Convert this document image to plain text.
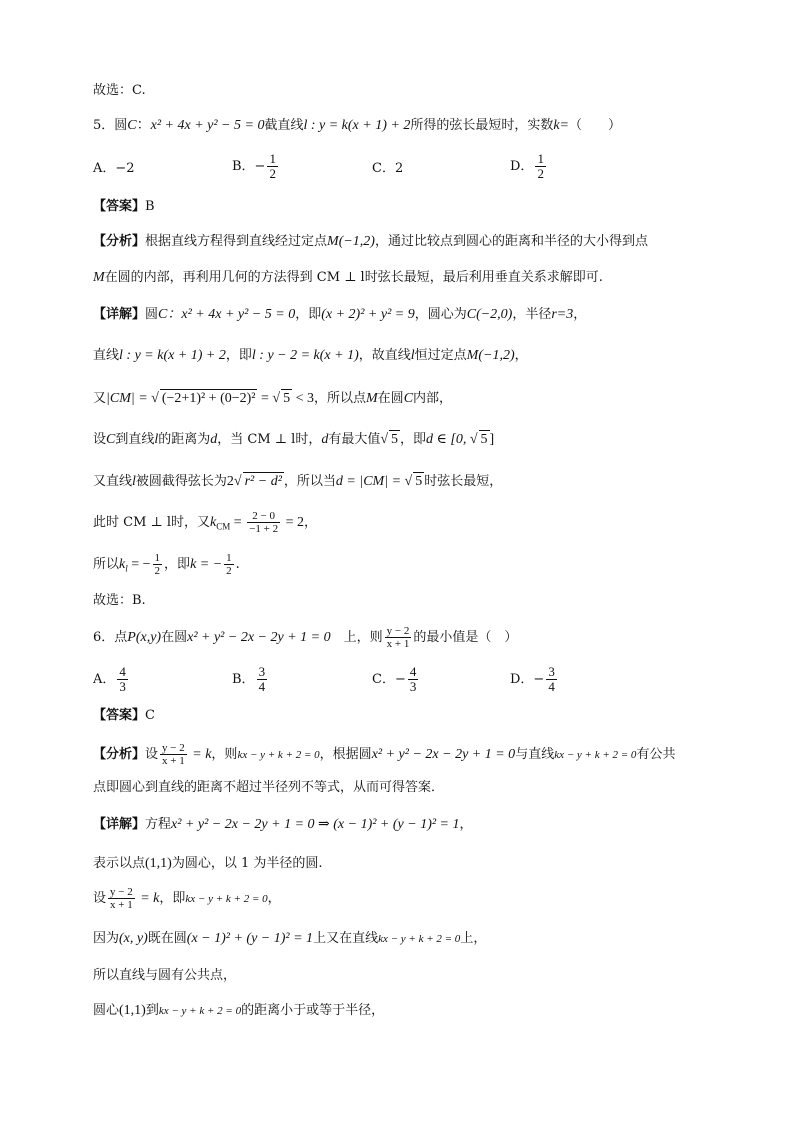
故选：C.
5．圆C：x² + 4x + y² − 5 = 0截直线l : y = k(x + 1) + 2所得的弦长最短时，实数k=（　　）
A．−2	B．− $\frac{1}{2}$	C．2	D． $\frac{1}{2}$
【答案】B
【分析】根据直线方程得到直线经过定点M(−1,2)，通过比较点到圆心的距离和半径的大小得到点
M在圆的内部，再利用几何的方法得到 CM ⊥ l时弦长最短，最后利用垂直关系求解即可.
【详解】圆C：x² + 4x + y² − 5 = 0，即(x + 2)² + y² = 9，圆心为C(−2,0)，半径r=3，
直线l : y = k(x + 1) + 2，即l : y − 2 = k(x + 1)，故直线l恒过定点M(−1,2)，
又|CM| = √ (−2+1)² + (0−2)² = √ 5 < 3，所以点M在圆C内部，
设C到直线l的距离为d，当 CM ⊥ l时，d有最大值√ 5 ，即d ∈ [0, √ 5 ]
又直线l被圆截得弦长为2√ r² − d² ，所以当d = |CM| = √ 5 时弦长最短，
此时 CM ⊥ l时，又$k_{CM} = \frac{2 - 0}{-1 + 2} = 2$，
所以$k_l$ = − $\frac{1}{2}$ ，即k = − $\frac{1}{2}$ .
故选：B.
6．点P(x,y)在圆x² + y² − 2x − 2y + 1 = 0　上，则 $\frac{y - 2}{x + 1}$ 的最小值是（　）
A． $\frac{4}{3}$	B． $\frac{3}{4}$	C．− $\frac{4}{3}$	D．− $\frac{3}{4}$
【答案】C
【分析】设 $\frac{y - 2}{x + 1} = k$，则kx − y + k + 2 = 0，根据圆x² + y² − 2x − 2y + 1 = 0与直线kx − y + k + 2 = 0有公共
点即圆心到直线的距离不超过半径列不等式，从而可得答案．
【详解】方程x² + y² − 2x − 2y + 1 = 0 ⇒ (x − 1)² + (y − 1)² = 1，
表示以点(1,1)为圆心，以 1 为半径的圆.
设 $\frac{y - 2}{x + 1} = k$，即kx − y + k + 2 = 0，
因为(x, y)既在圆(x − 1)² + (y − 1)² = 1上又在直线kx − y + k + 2 = 0上，
所以直线与圆有公共点，
圆心(1,1)到kx − y + k + 2 = 0的距离小于或等于半径，
